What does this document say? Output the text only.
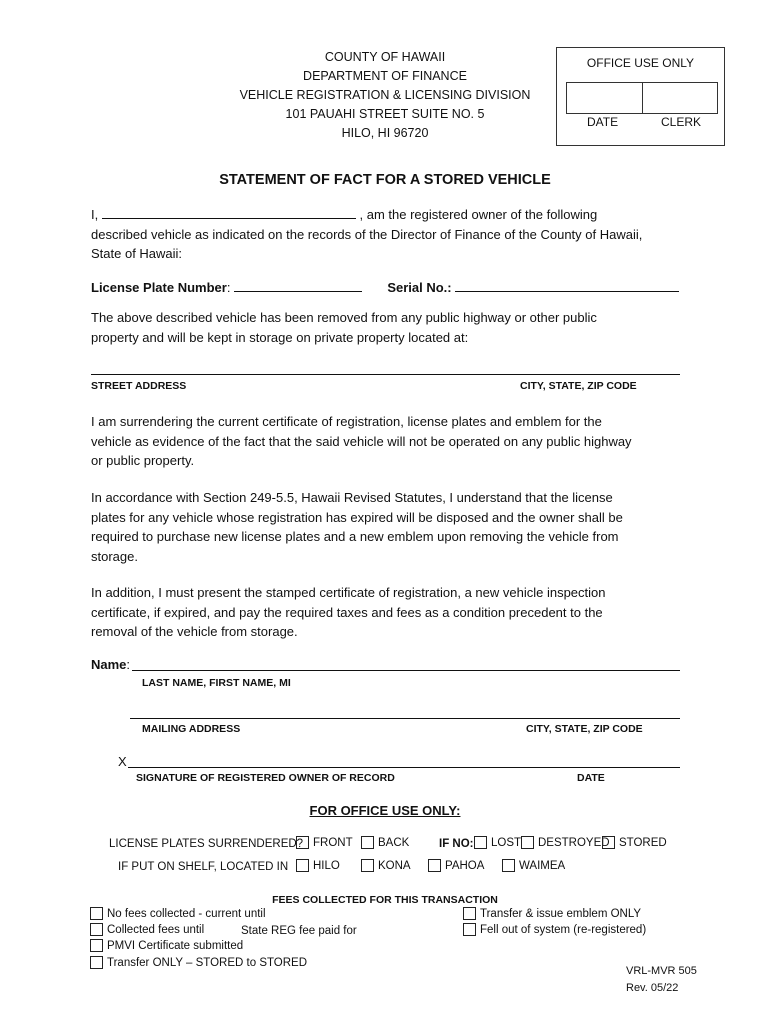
COUNTY OF HAWAII
DEPARTMENT OF FINANCE
VEHICLE REGISTRATION & LICENSING DIVISION
101 PAUAHI STREET SUITE NO. 5
HILO, HI 96720
OFFICE USE ONLY
DATE	CLERK
STATEMENT OF FACT FOR A STORED VEHICLE
I,	, am the registered owner of the following
described vehicle as indicated on the records of the Director of Finance of the County of Hawaii,
State of Hawaii:
License Plate Number:	Serial No.:
The above described vehicle has been removed from any public highway or other public
property and will be kept in storage on private property located at:
STREET ADDRESS	CITY, STATE, ZIP CODE
I am surrendering the current certificate of registration, license plates and emblem for the
vehicle as evidence of the fact that the said vehicle will not be operated on any public highway
or public property.
In accordance with Section 249-5.5, Hawaii Revised Statutes, I understand that the license
plates for any vehicle whose registration has expired will be disposed and the owner shall be
required to purchase new license plates and a new emblem upon removing the vehicle from
storage.
In addition, I must present the stamped certificate of registration, a new vehicle inspection
certificate, if expired, and pay the required taxes and fees as a condition precedent to the
removal of the vehicle from storage.
Name:
LAST NAME, FIRST NAME, MI
MAILING ADDRESS	CITY, STATE, ZIP CODE
X
SIGNATURE OF REGISTERED OWNER OF RECORD	DATE
FOR OFFICE USE ONLY:
LICENSE PLATES SURRENDERED? FRONT	BACK	IF NO:	LOST	DESTROYED STORED
IF PUT ON SHELF, LOCATED IN	HILO	KONA	PAHOA	WAIMEA
FEES COLLECTED FOR THIS TRANSACTION
No fees collected - current until
Collected fees until	State REG fee paid for
PMVI Certificate submitted
Transfer ONLY – STORED to STORED
Transfer & issue emblem ONLY
Fell out of system (re-registered)
VRL-MVR 505
Rev. 05/22
